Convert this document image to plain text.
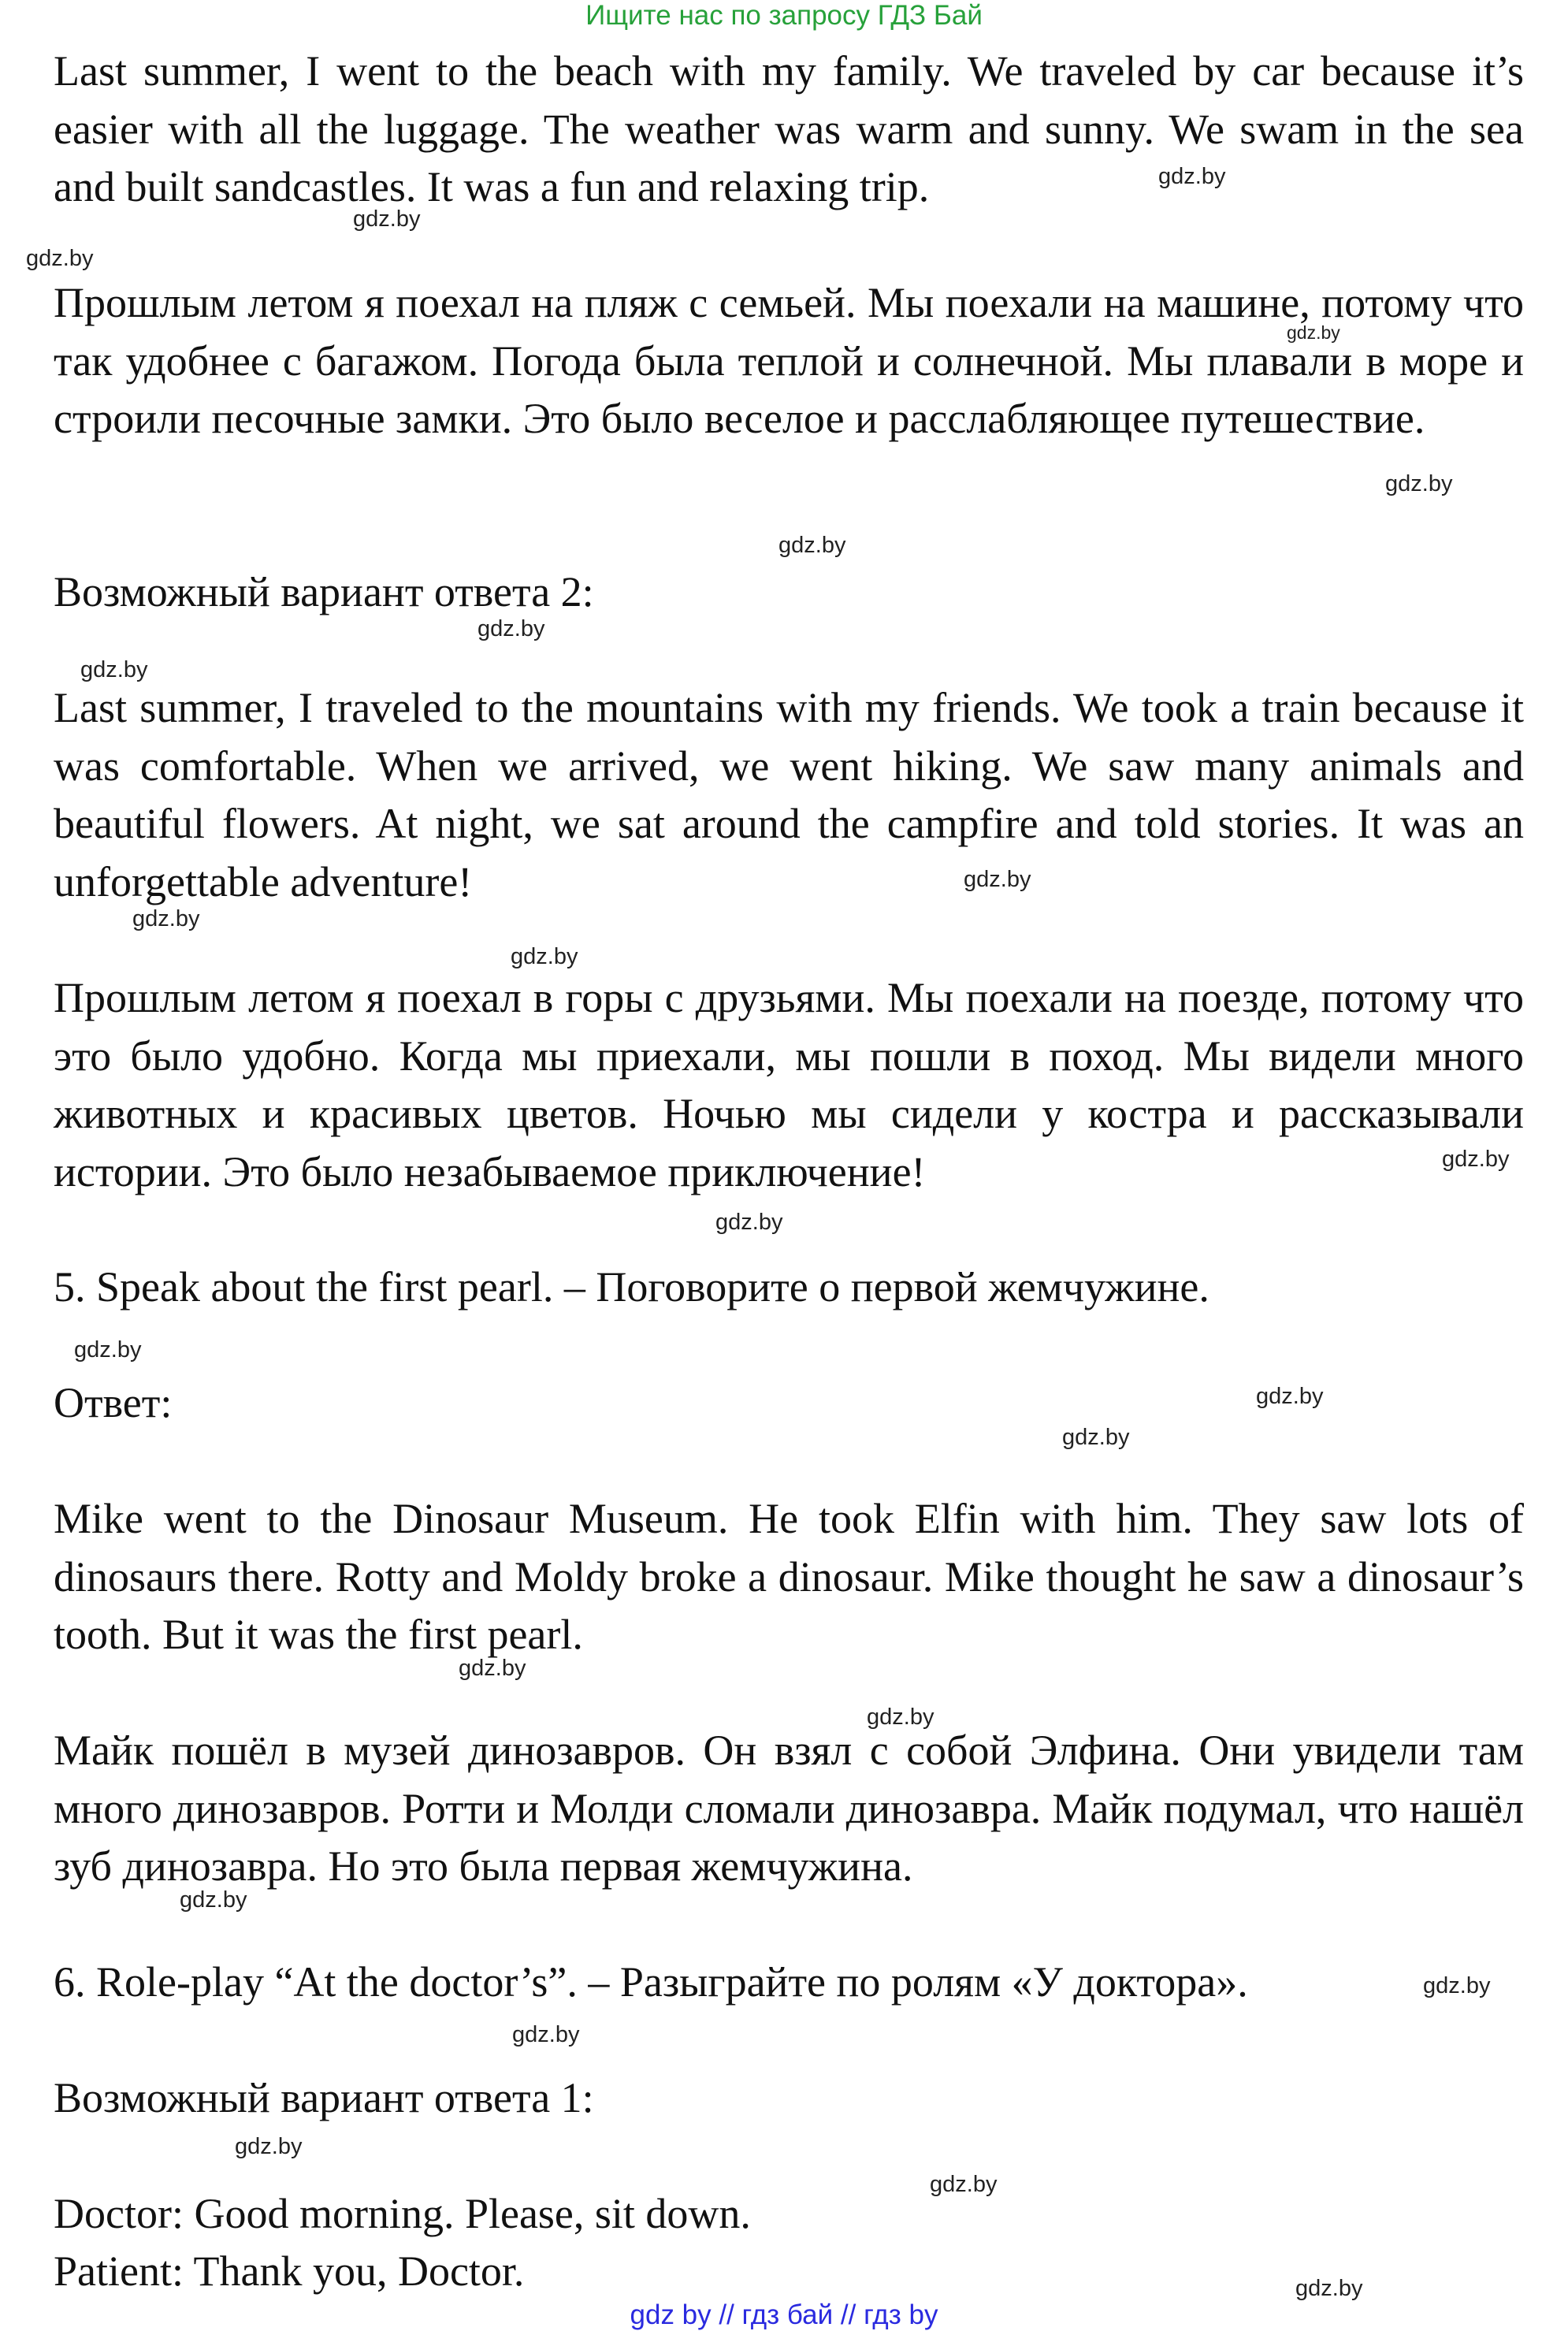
Ищите нас по запросу ГДЗ Бай

Last summer, I went to the beach with my family. We traveled by car because it’s easier with all the luggage. The weather was warm and sunny. We swam in the sea and built sandcastles. It was a fun and relaxing trip.

Прошлым летом я поехал на пляж с семьей. Мы поехали на машине, потому что так удобнее с багажом. Погода была теплой и солнечной. Мы плавали в море и строили песочные замки. Это было веселое и расслабляющее путешествие.

Возможный вариант ответа 2:

Last summer, I traveled to the mountains with my friends. We took a train because it was comfortable. When we arrived, we went hiking. We saw many animals and beautiful flowers. At night, we sat around the campfire and told stories. It was an unforgettable adventure!

Прошлым летом я поехал в горы с друзьями. Мы поехали на поезде, потому что это было удобно. Когда мы приехали, мы пошли в поход. Мы видели много животных и красивых цветов. Ночью мы сидели у костра и рассказывали истории. Это было незабываемое приключение!

5. Speak about the first pearl. – Поговорите о первой жемчужине.

Ответ:

Mike went to the Dinosaur Museum. He took Elfin with him. They saw lots of dinosaurs there. Rotty and Moldy broke a dinosaur. Mike thought he saw a dinosaur’s tooth. But it was the first pearl.

Майк пошёл в музей динозавров. Он взял с собой Элфина. Они увидели там много динозавров. Ротти и Молди сломали динозавра. Майк подумал, что нашёл зуб динозавра. Но это была первая жемчужина.

6. Role-play “At the doctor’s”. – Разыграйте по ролям «У доктора».

Возможный вариант ответа 1:

Doctor: Good morning. Please, sit down.

Patient: Thank you, Doctor.

gdz.by
gdz.by
gdz.by
gdz.by
gdz.by
gdz.by
gdz.by
gdz.by
gdz.by
gdz.by
gdz.by
gdz.by
gdz.by
gdz.by
gdz.by
gdz.by
gdz.by
gdz.by
gdz.by
gdz.by
gdz.by
gdz.by
gdz.by
gdz.by
gdz by // гдз бай // гдз by
